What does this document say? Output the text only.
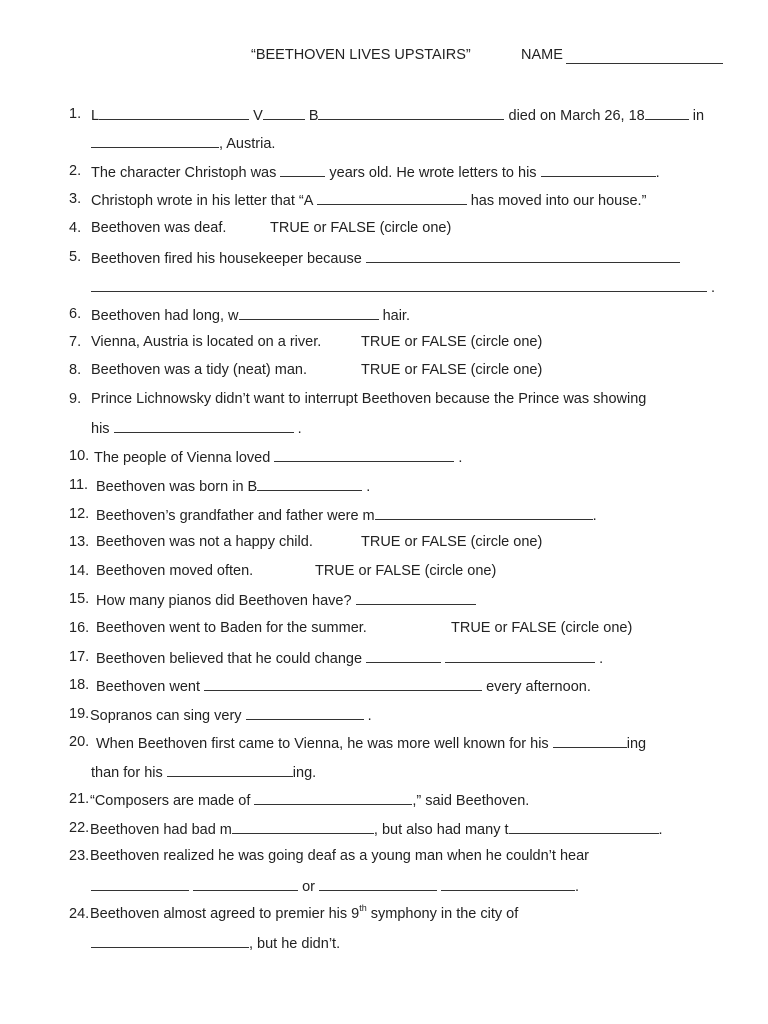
“BEETHOVEN LIVES UPSTAIRS”	NAME
1. L	V	B	died on March 26, 18	in
, Austria.
2. The character Christoph was	years old. He wrote letters to his	.
3. Christoph wrote in his letter that “A	has moved into our house.”
4. Beethoven was deaf.	TRUE or FALSE (circle one)
5. Beethoven fired his housekeeper because
.
6. Beethoven had long, w	hair.
7. Vienna, Austria is located on a river.	TRUE or FALSE (circle one)
8. Beethoven was a tidy (neat) man.	TRUE or FALSE (circle one)
9. Prince Lichnowsky didn’t want to interrupt Beethoven because the Prince was showing
his	.
10. The people of Vienna loved	.
11. Beethoven was born in B	.
12. Beethoven’s grandfather and father were m	.
13. Beethoven was not a happy child.	TRUE or FALSE (circle one)
14. Beethoven moved often.	TRUE or FALSE (circle one)
15. How many pianos did Beethoven have?
16. Beethoven went to Baden for the summer.	TRUE or FALSE (circle one)
17. Beethoven believed that he could change	.
18. Beethoven went	every afternoon.
19. Sopranos can sing very	.
20. When Beethoven first came to Vienna, he was more well known for his	ing
than for his	ing.
21. “Composers are made of	,” said Beethoven.
22. Beethoven had bad m	, but also had many t	.
23. Beethoven realized he was going deaf as a young man when he couldn’t hear
or	.
24. Beethoven almost agreed to premier his 9th symphony in the city of
, but he didn’t.
